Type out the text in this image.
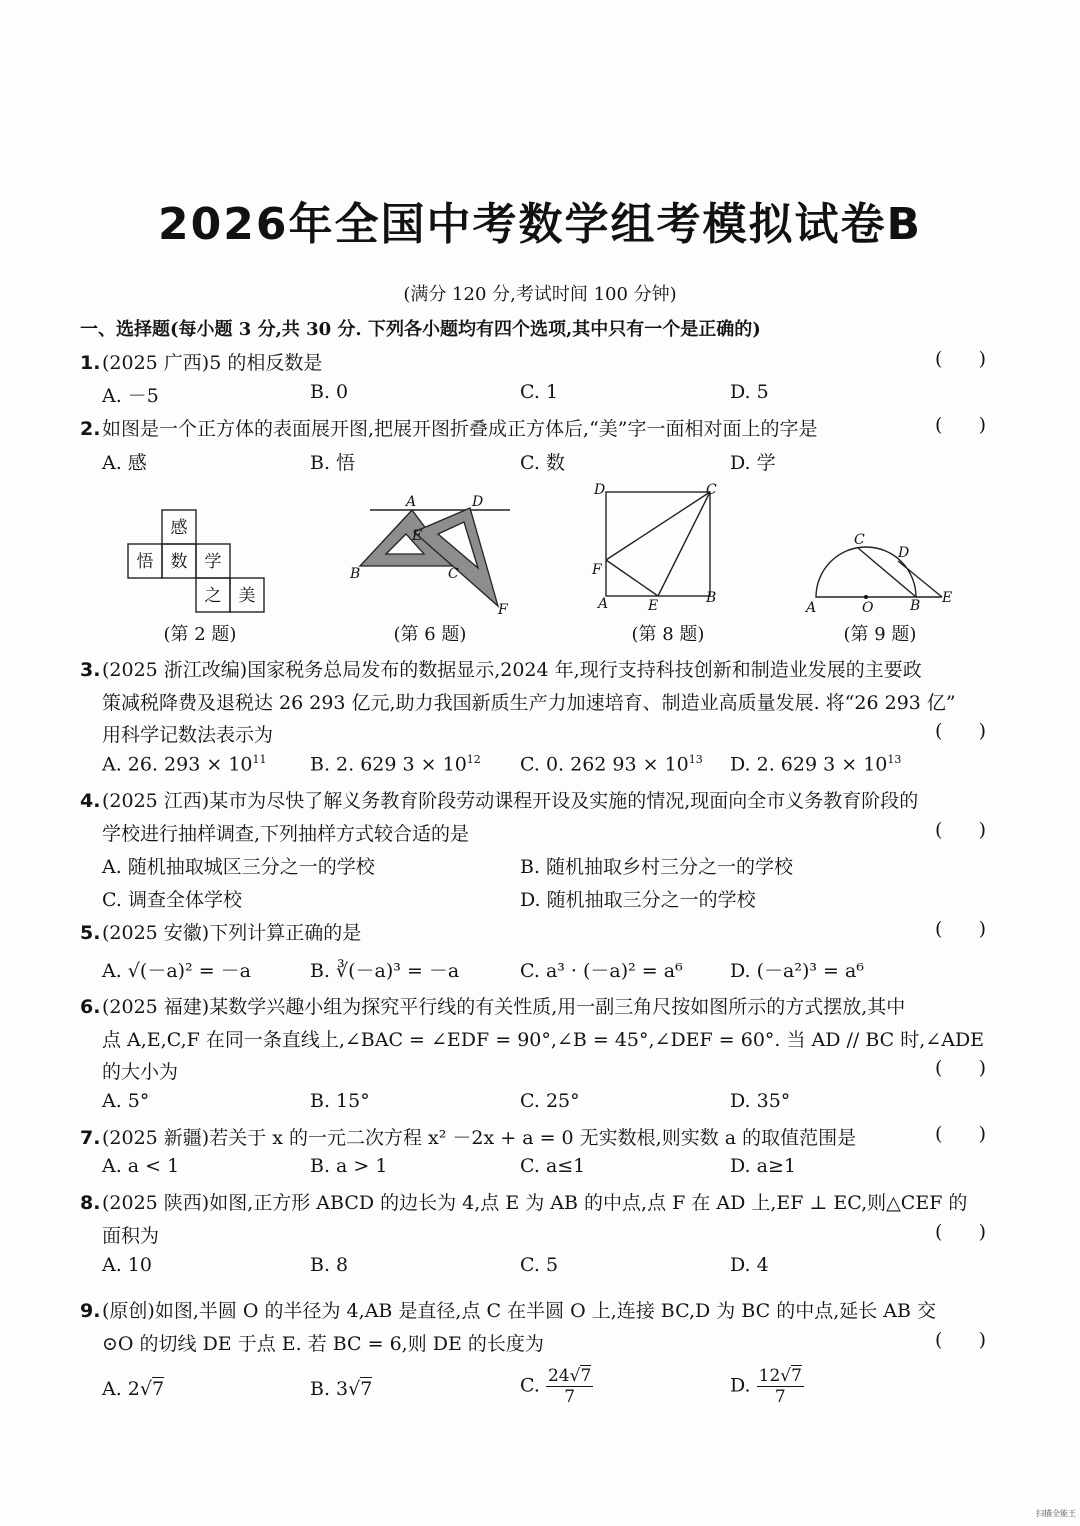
2026年全国中考数学组考模拟试卷B
(满分 120 分,考试时间 100 分钟)
一、选择题(每小题 3 分,共 30 分. 下列各小题均有四个选项,其中只有一个是正确的)
1.(2025 广西)5 的相反数是	(      )
A. －5	B. 0	C. 1	D. 5
2.如图是一个正方体的表面展开图,把展开图折叠成正方体后,“美”字一面相对面上的字是	(      )
A. 感	B. 悟	C. 数	D. 学
感
悟 数 学
之 美
(第 2 题)
A	D
E
B	C
F
(第 6 题)
D	C
F
A	E	B
(第 8 题)
C
D
A	O	B E
(第 9 题)
3.(2025 浙江改编)国家税务总局发布的数据显示,2024 年,现行支持科技创新和制造业发展的主要政
策减税降费及退税达 26 293 亿元,助力我国新质生产力加速培育、制造业高质量发展. 将“26 293 亿”
用科学记数法表示为	(      )
A. 26. $293 \times 10^{11}$ B. 2. 629 $3 \times 10^{12}$ C. 0. 262 $93 \times 10^{13}$ D. 2. 629 $3 \times 10^{13}$
4.(2025 江西)某市为尽快了解义务教育阶段劳动课程开设及实施的情况,现面向全市义务教育阶段的
学校进行抽样调查,下列抽样方式较合适的是	(      )
A. 随机抽取城区三分之一的学校	B. 随机抽取乡村三分之一的学校
C. 调查全体学校	D. 随机抽取三分之一的学校
5.(2025 安徽)下列计算正确的是	(      )
A. √(－a)² = －a	B. ∛(－a)³ = －a	C. a³ · (－a)² = a⁶ D. (－a²)³ = a⁶
6.(2025 福建)某数学兴趣小组为探究平行线的有关性质,用一副三角尺按如图所示的方式摆放,其中
点 A,E,C,F 在同一条直线上,∠BAC = ∠EDF = 90°,∠B = 45°,∠DEF = 60°. 当 AD // BC 时,∠ADE
的大小为	(      )
A. 5°	B. 15°	C. 25°	D. 35°
7.(2025 新疆)若关于 x 的一元二次方程 x² －2x + a = 0 无实数根,则实数 a 的取值范围是	(      )
A. a < 1	B. a > 1	C. a≤1	D. a≥1
8.(2025 陕西)如图,正方形 ABCD 的边长为 4,点 E 为 AB 的中点,点 F 在 AD 上,EF ⊥ EC,则△CEF 的
面积为	(      )
A. 10	B. 8	C. 5	D. 4
9.(原创)如图,半圆 O 的半径为 4,AB 是直径,点 C 在半圆 O 上,连接 BC,D 为 BC 的中点,延长 AB 交
⊙O 的切线 DE 于点 E. 若 BC = 6,则 DE 的长度为	(      )
A. 2√7	B. 3√7	C. $\frac{24√7}{7}$	D. $\frac{12√7}{7}$
扫描全能王
